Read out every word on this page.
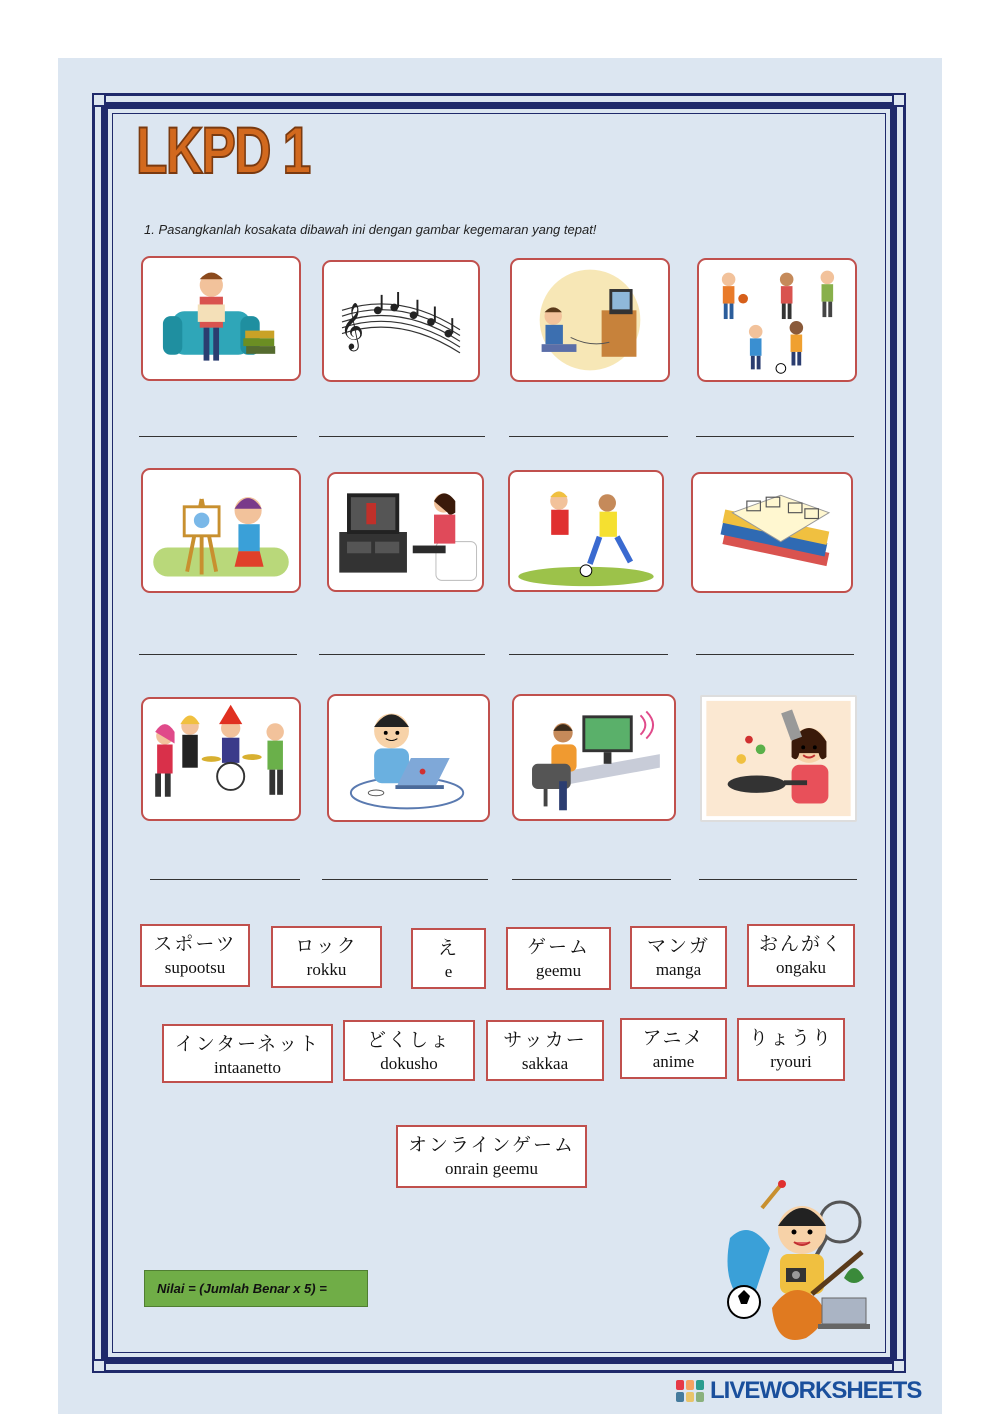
LKPD 1
1. Pasangkanlah kosakata dibawah ini dengan gambar kegemaran yang tepat!
𝄞
スポーツ
supootsu
ロック
rokku
え
e
ゲーム
geemu
マンガ
manga
おんがく
ongaku
インターネット
intaanetto
どくしょ
dokusho
サッカー
sakkaa
アニメ
anime
りょうり
ryouri
オンラインゲーム
onrain geemu
Nilai = (Jumlah Benar x 5) =
LIVEWORKSHEETS
